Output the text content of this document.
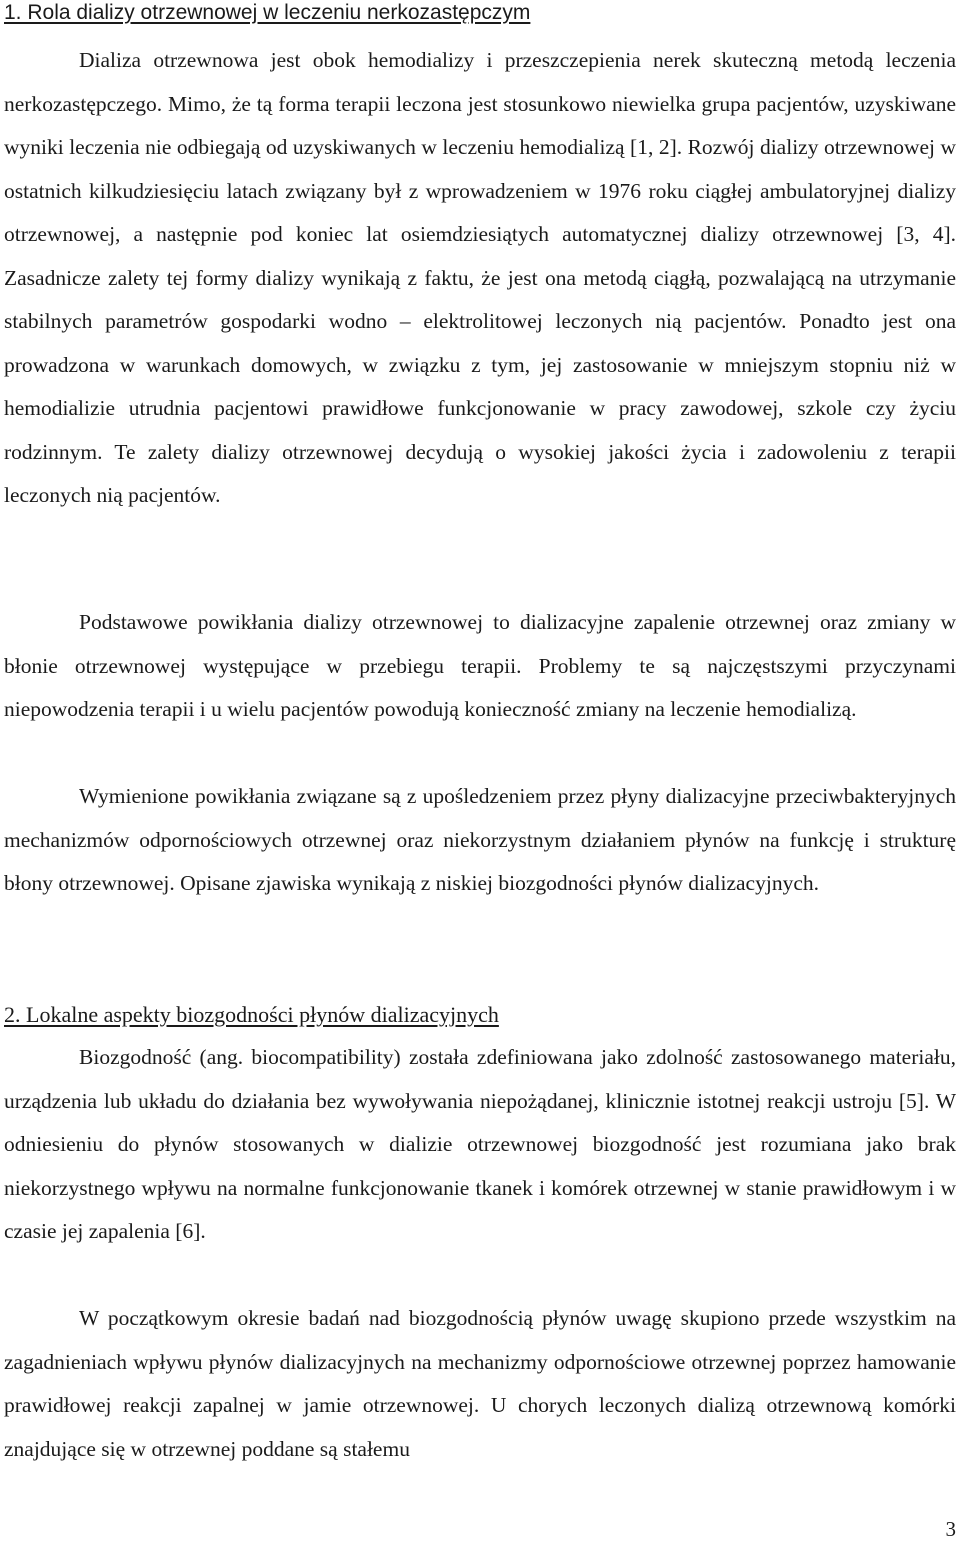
1. Rola dializy otrzewnowej w leczeniu nerkozastępczym

Dializa otrzewnowa jest obok hemodializy i przeszczepienia nerek skuteczną metodą leczenia nerkozastępczego. Mimo, że tą forma terapii leczona jest stosunkowo niewielka grupa pacjentów, uzyskiwane wyniki leczenia nie odbiegają od uzyskiwanych w leczeniu hemodializą [1, 2]. Rozwój dializy otrzewnowej w ostatnich kilkudziesięciu latach związany był z wprowadzeniem w 1976 roku ciągłej ambulatoryjnej dializy otrzewnowej, a następnie pod koniec lat osiemdziesiątych automatycznej dializy otrzewnowej [3, 4]. Zasadnicze zalety tej formy dializy wynikają z faktu, że jest ona metodą ciągłą, pozwalającą na utrzymanie stabilnych parametrów gospodarki wodno – elektrolitowej leczonych nią pacjentów. Ponadto jest ona prowadzona w warunkach domowych, w związku z tym, jej zastosowanie w mniejszym stopniu niż w hemodializie utrudnia pacjentowi prawidłowe funkcjonowanie w pracy zawodowej, szkole czy życiu rodzinnym. Te zalety dializy otrzewnowej decydują o wysokiej jakości życia i zadowoleniu z terapii leczonych nią pacjentów.

Podstawowe powikłania dializy otrzewnowej to dializacyjne zapalenie otrzewnej oraz zmiany w błonie otrzewnowej występujące w przebiegu terapii. Problemy te są najczęstszymi przyczynami niepowodzenia terapii i u wielu pacjentów powodują konieczność zmiany na leczenie hemodializą.

Wymienione powikłania związane są z upośledzeniem przez płyny dializacyjne przeciwbakteryjnych mechanizmów odpornościowych otrzewnej oraz niekorzystnym działaniem płynów na funkcję i strukturę błony otrzewnowej. Opisane zjawiska wynikają z niskiej biozgodności płynów dializacyjnych.

2. Lokalne aspekty biozgodności płynów dializacyjnych

Biozgodność (ang. biocompatibility) została zdefiniowana jako zdolność zastosowanego materiału, urządzenia lub układu do działania bez wywoływania niepożądanej, klinicznie istotnej reakcji ustroju [5]. W odniesieniu do płynów stosowanych w dializie otrzewnowej biozgodność jest rozumiana jako brak niekorzystnego wpływu na normalne funkcjonowanie tkanek i komórek otrzewnej w stanie prawidłowym i w czasie jej zapalenia [6].

W początkowym okresie badań nad biozgodnością płynów uwagę skupiono przede wszystkim na zagadnieniach wpływu płynów dializacyjnych na mechanizmy odpornościowe otrzewnej poprzez hamowanie prawidłowej reakcji zapalnej w jamie otrzewnowej. U chorych leczonych dializą otrzewnową komórki znajdujące się w otrzewnej poddane są stałemu

3
